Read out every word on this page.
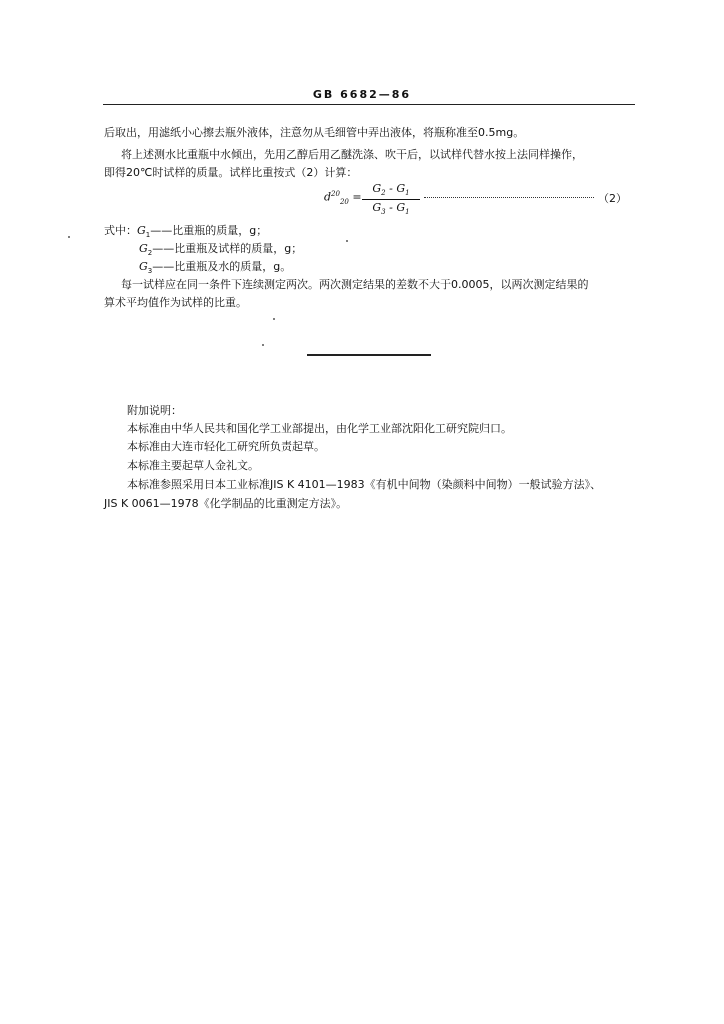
GB 6682—86
后取出，用滤纸小心擦去瓶外液体，注意勿从毛细管中弄出液体，将瓶称准至0.5mg。
将上述测水比重瓶中水倾出，先用乙醇后用乙醚洗涤、吹干后，以试样代替水按上法同样操作，
即得20℃时试样的质量。试样比重按式（2）计算：
$d^{20}_{20} = \frac{G_2 - G_1}{G_3 - G_1}$	（2）
式中：$G_1——$比重瓶的质量，g；
$G_2——$比重瓶及试样的质量，g；
$G_3——$比重瓶及水的质量，g。
每一试样应在同一条件下连续测定两次。两次测定结果的差数不大于0.0005，以两次测定结果的
算术平均值作为试样的比重。
附加说明：
本标准由中华人民共和国化学工业部提出，由化学工业部沈阳化工研究院归口。
本标准由大连市轻化工研究所负责起草。
本标准主要起草人金礼文。
本标准参照采用日本工业标准JIS K 4101—1983《有机中间物（染颜料中间物）一般试验方法》、
JIS K 0061—1978《化学制品的比重测定方法》。
